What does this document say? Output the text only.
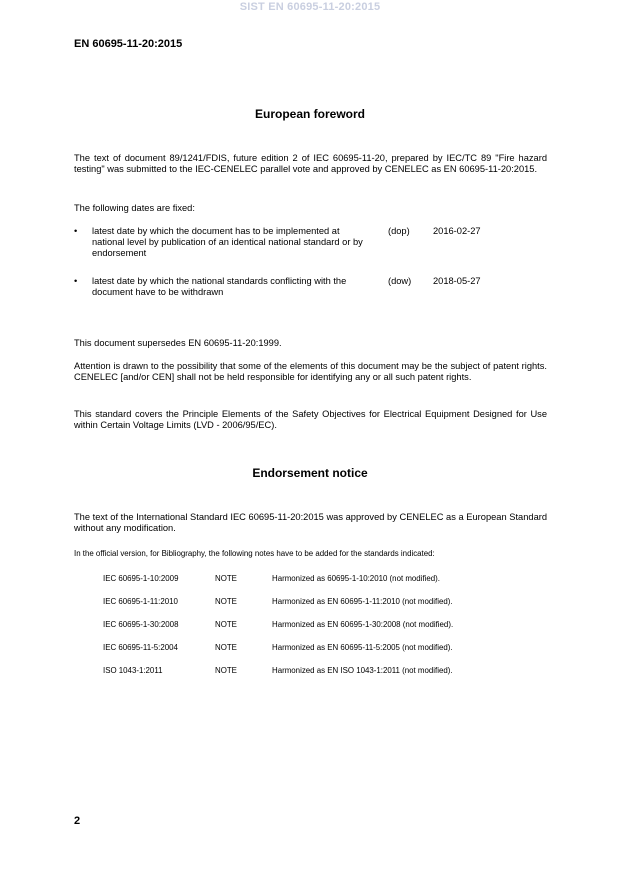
SIST EN 60695-11-20:2015
EN 60695-11-20:2015
European foreword

The text of document 89/1241/FDIS, future edition 2 of IEC 60695-11-20, prepared by IEC/TC 89 "Fire hazard testing" was submitted to the IEC-CENELEC parallel vote and approved by CENELEC as EN 60695-11-20:2015.

The following dates are fixed:

• latest date by which the document has to be implemented at national level by publication of an identical national standard or by endorsement
(dop)	2016-02-27
• latest date by which the national standards conflicting with the document have to be withdrawn
(dow) 2018-05-27

This document supersedes EN 60695-11-20:1999.

Attention is drawn to the possibility that some of the elements of this document may be the subject of patent rights. CENELEC [and/or CEN] shall not be held responsible for identifying any or all such patent rights.

This standard covers the Principle Elements of the Safety Objectives for Electrical Equipment Designed for Use within Certain Voltage Limits (LVD - 2006/95/EC).

Endorsement notice

The text of the International Standard IEC 60695-11-20:2015 was approved by CENELEC as a European Standard without any modification.

In the official version, for Bibliography, the following notes have to be added for the standards indicated:

IEC 60695-1-10:2009	NOTE	Harmonized as 60695-1-10:2010 (not modified).
IEC 60695-1-11:2010	NOTE	Harmonized as EN 60695-1-11:2010 (not modified).
IEC 60695-1-30:2008	NOTE	Harmonized as EN 60695-1-30:2008 (not modified).
IEC 60695-11-5:2004	NOTE	Harmonized as EN 60695-11-5:2005 (not modified).
ISO 1043-1:2011	NOTE	Harmonized as EN ISO 1043-1:2011 (not modified).
2
